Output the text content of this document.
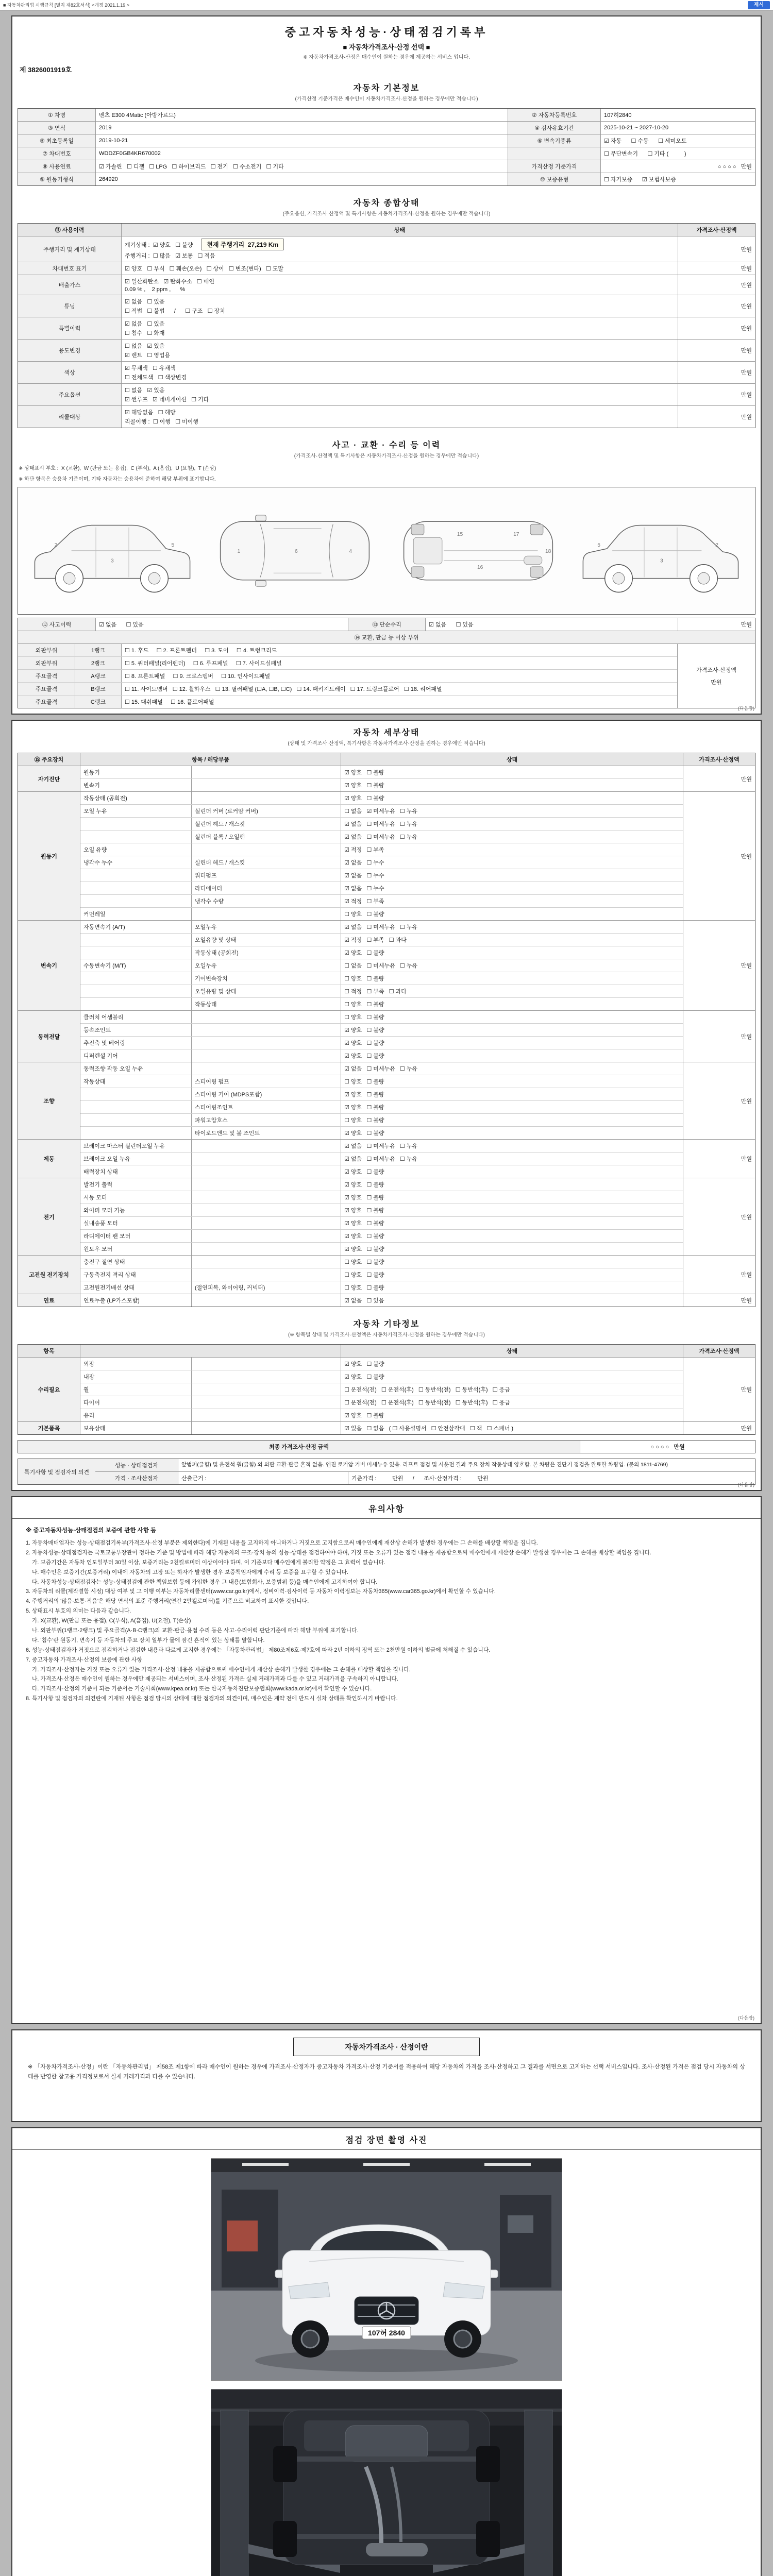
■ 자동차관리법 시행규칙 [별지 제82호서식] <개정 2021.1.19.>	제시
중고자동차성능·상태점검기록부
■ 자동차가격조사·산정 선택 ■
※ 자동차가격조사·산정은 매수인이 원하는 경우에 제공하는 서비스 입니다.
제 3826001919호
자동차 기본정보
(가격산정 기준가격은 매수인이 자동차가격조사·산정을 원하는 경우에만 적습니다)
① 차명	벤츠 E300 4Matic (아방가르드)	② 자동차등록번호	107허2840
③ 연식	2019	④ 검사유효기간	2025-10-21 ~ 2027-10-20
⑤ 최초등록일	2019-10-21	⑥ 변속기종류	☑ 자동      ☐ 수동      ☐ 세미오토
⑦ 차대번호	WDDZF0GB4KR670002	☐ 무단변속기      ☐ 기타 (          )
⑧ 사용연료	☑ 가솔린   ☐ 디젤   ☐ LPG   ☐ 하이브리드   ☐ 전기   ☐ 수소전기   ☐ 기타	가격산정 기준가격	○ ○ ○ ○   만원
⑨ 원동기형식	264920	⑩ 보증유형	☐ 자기보증      ☑ 보험사보증
자동차 종합상태
(주요옵션, 가격조사·산정액 및 특기사항은 자동차가격조사·산정을 원하는 경우에만 적습니다)
⑪ 사용이력	상태	가격조사·산정액
주행거리 및 계기상태
계기상태 :  ☑ 양호   ☐ 불량	현재 주행거리  27,219 Km
주행거리 :  ☐ 많음   ☑ 보통   ☐ 적음
만원
차대번호 표기	☑ 양호   ☐ 부식   ☐ 훼손(오손)   ☐ 상이   ☐ 변조(변타)   ☐ 도말	만원
배출가스
☑ 일산화탄소   ☑ 탄화수소   ☐ 매연
0.09 % ,    2 ppm ,      %
만원
튜닝
☑ 없음   ☐ 있음
☐ 적법   ☐ 불법      /      ☐ 구조   ☐ 장치
만원
특별이력
☑ 없음   ☐ 있음
☐ 침수   ☐ 화재
만원
용도변경
☐ 없음   ☑ 있음
☑ 렌트   ☐ 영업용
만원
색상
☑ 무채색   ☐ 유채색
☐ 전체도색   ☐ 색상변경
만원
주요옵션
☐ 없음   ☑ 있음
☑ 썬루프   ☑ 네비게이션   ☐ 기타
만원
리콜대상
☑ 해당없음   ☐ 해당
리콜이행 :  ☐ 이행   ☐ 미이행
만원
사고 · 교환 · 수리 등 이력
(가격조사·산정액 및 특기사항은 자동차가격조사·산정을 원하는 경우에만 적습니다)
※ 상태표시 부호 :  X (교환),  W (판금 또는 용접),  C (부식),  A (흠집),  U (요철),  T (손상)
※ 하단 항목은 승용차 기준이며, 기타 자동차는 승용차에 준하여 해당 부위에 표기합니다.
2
3
5
1	6	4
15
16
17
18
5
3
2
⑫ 사고이력	☑ 없음      ☐ 있음	⑬ 단순수리	☑ 없음      ☐ 있음	만원
⑭ 교환, 판금 등 이상 부위
외판부위	1랭크	☐ 1. 후드     ☐ 2. 프론트펜더     ☐ 3. 도어     ☐ 4. 트렁크리드
외판부위	2랭크	☐ 5. 쿼터패널(리어펜더)     ☐ 6. 루프패널     ☐ 7. 사이드실패널
주요골격	A랭크	☐ 8. 프론트패널     ☐ 9. 크로스멤버     ☐ 10. 인사이드패널
주요골격	B랭크	☐ 11. 사이드멤버   ☐ 12. 휠하우스   ☐ 13. 필러패널 (☐A, ☐B, ☐C)   ☐ 14. 패키지트레이   ☐ 17. 트렁크플로어   ☐ 18. 리어패널
주요골격	C랭크	☐ 15. 대쉬패널     ☐ 16. 플로어패널
가격조사·산정액
만원
(다음장)
자동차 세부상태
(상태 및 가격조사·산정액, 특기사항은 자동차가격조사·산정을 원하는 경우에만 적습니다)
⑮ 주요장치	항목 / 해당부품	상태	가격조사·산정액
자기진단
원동기	☑ 양호   ☐ 불량
변속기	☑ 양호   ☐ 불량
만원
원동기
작동상태 (공회전)	☑ 양호   ☐ 불량
오일 누유	실린더 커버 (로커암 커버)	☐ 없음   ☑ 미세누유   ☐ 누유
실린더 헤드 / 개스킷	☑ 없음   ☐ 미세누유   ☐ 누유
실린더 블록 / 오일팬	☑ 없음   ☐ 미세누유   ☐ 누유
오일 유량	☑ 적정   ☐ 부족
냉각수 누수	실린더 헤드 / 개스킷	☑ 없음   ☐ 누수
워터펌프	☑ 없음   ☐ 누수
라디에이터	☑ 없음   ☐ 누수
냉각수 수량	☑ 적정   ☐ 부족
커먼레일	☐ 양호   ☐ 불량
만원
변속기
자동변속기 (A/T)	오일누유	☑ 없음   ☐ 미세누유   ☐ 누유
오일유량 및 상태	☑ 적정   ☐ 부족   ☐ 과다
작동상태 (공회전)	☑ 양호   ☐ 불량
수동변속기 (M/T)	오일누유	☐ 없음   ☐ 미세누유   ☐ 누유
기어변속장치	☐ 양호   ☐ 불량
오일유량 및 상태	☐ 적정   ☐ 부족   ☐ 과다
작동상태	☐ 양호   ☐ 불량
만원
동력전달
클러치 어셈블리	☐ 양호   ☐ 불량
등속조인트	☑ 양호   ☐ 불량
추진축 및 베어링	☑ 양호   ☐ 불량
디퍼렌셜 기어	☑ 양호   ☐ 불량
만원
조향
동력조향 작동 오일 누유	☑ 없음   ☐ 미세누유   ☐ 누유
작동상태	스티어링 펌프	☐ 양호   ☐ 불량
스티어링 기어 (MDPS포함)	☑ 양호   ☐ 불량
스티어링조인트	☑ 양호   ☐ 불량
파워고압호스	☐ 양호   ☐ 불량
타이로드엔드 및 볼 조인트	☑ 양호   ☐ 불량
만원
제동
브레이크 마스터 실린더오일 누유	☑ 없음   ☐ 미세누유   ☐ 누유
브레이크 오일 누유	☑ 없음   ☐ 미세누유   ☐ 누유
배력장치 상태	☑ 양호   ☐ 불량
만원
전기
발전기 출력	☑ 양호   ☐ 불량
시동 모터	☑ 양호   ☐ 불량
와이퍼 모터 기능	☑ 양호   ☐ 불량
실내송풍 모터	☑ 양호   ☐ 불량
라디에이터 팬 모터	☑ 양호   ☐ 불량
윈도우 모터	☑ 양호   ☐ 불량
만원
고전원 전기장치
충전구 절연 상태	☐ 양호   ☐ 불량
구동축전지 격리 상태	☐ 양호   ☐ 불량
고전원전기배선 상태	(절연피복, 와이어링, 커넥터)	☐ 양호   ☐ 불량
만원
연료	연료누출 (LP가스포함)	☑ 없음   ☐ 있음	만원
자동차 기타정보
(※ 항목별 상태 및 가격조사·산정액은 자동차가격조사·산정을 원하는 경우에만 적습니다)
항목	상태	가격조사·산정액
수리필요
외장	☑ 양호   ☐ 불량
내장	☑ 양호   ☐ 불량
휠	☐ 운전석(전)   ☐ 운전석(후)   ☐ 동반석(전)   ☐ 동반석(후)   ☐ 응급
타이어	☐ 운전석(전)   ☐ 운전석(후)   ☐ 동반석(전)   ☐ 동반석(후)   ☐ 응급
유리	☑ 양호   ☐ 불량
만원
기본품목	보유상태	☑ 있음   ☐ 없음   ( ☐ 사용설명서   ☐ 안전삼각대   ☐ 잭   ☐ 스패너 )	만원
최종 가격조사·산정 금액	○ ○ ○ ○   만원
특기사항 및 점검자의 의견
성능 · 상태점검자	앞범퍼(긁힘) 및 운전석 휠(긁힘) 외 외판 교환·판금 흔적 없음. 엔진 로커암 커버 미세누유 있음. 리프트 점검 및 시운전 결과 주요 장치 작동상태 양호함. 본 차량은 진단기 점검을 완료한 차량임. (문의 1811-4769)
가격 · 조사산정자	산출근거 :	기준가격 :          만원      /      조사·산정가격 :          만원
(다음장)
유의사항
※ 중고자동차성능·상태점검의 보증에 관한 사항 등
1. 자동차매매업자는 성능·상태점검기록부(가격조사·산정 부분은 제외한다)에 기재된 내용을 고지하지 아니하거나 거짓으로 고지함으로써 매수인에게 재산상 손해가 발생한 경우에는 그 손해를 배상할 책임을 집니다.
2. 자동차성능·상태점검자는 국토교통부장관이 정하는 기준 및 방법에 따라 해당 자동차의 구조·장치 등의 성능·상태를 점검하여야 하며, 거짓 또는 오류가 있는 점검 내용을 제공함으로써 매수인에게 재산상 손해가 발생한 경우에는 그 손해를 배상할 책임을 집니다.
가. 보증기간은 자동차 인도일부터 30일 이상, 보증거리는 2천킬로미터 이상이어야 하며, 이 기준보다 매수인에게 불리한 약정은 그 효력이 없습니다.
나. 매수인은 보증기간(보증거리) 이내에 자동차의 고장 또는 하자가 발생한 경우 보증책임자에게 수리 등 보증을 요구할 수 있습니다.
다. 자동차성능·상태점검자는 성능·상태점검에 관한 책임보험 등에 가입한 경우 그 내용(보험회사, 보증범위 등)을 매수인에게 고지하여야 합니다.
3. 자동차의 리콜(제작결함 시정) 대상 여부 및 그 이행 여부는 자동차리콜센터(www.car.go.kr)에서, 정비이력·검사이력 등 자동차 이력정보는 자동차365(www.car365.go.kr)에서 확인할 수 있습니다.
4. 주행거리의 '많음·보통·적음'은 해당 연식의 표준 주행거리(연간 2만킬로미터)를 기준으로 비교하여 표시한 것입니다.
5. 상태표시 부호의 의미는 다음과 같습니다.
가. X(교환), W(판금 또는 용접), C(부식), A(흠집), U(요철), T(손상)
나. 외판부위(1랭크·2랭크) 및 주요골격(A·B·C랭크)의 교환·판금·용접 수리 등은 사고·수리이력 판단기준에 따라 해당 부위에 표기합니다.
다. '침수'란 원동기, 변속기 등 자동차의 주요 장치 일부가 물에 잠긴 흔적이 있는 상태를 말합니다.
6. 성능·상태점검자가 거짓으로 점검하거나 점검한 내용과 다르게 고지한 경우에는 「자동차관리법」 제80조제6호·제7호에 따라 2년 이하의 징역 또는 2천만원 이하의 벌금에 처해질 수 있습니다.
7. 중고자동차 가격조사·산정의 보증에 관한 사항
가. 가격조사·산정자는 거짓 또는 오류가 있는 가격조사·산정 내용을 제공함으로써 매수인에게 재산상 손해가 발생한 경우에는 그 손해를 배상할 책임을 집니다.
나. 가격조사·산정은 매수인이 원하는 경우에만 제공되는 서비스이며, 조사·산정된 가격은 실제 거래가격과 다를 수 있고 거래가격을 구속하지 아니합니다.
다. 가격조사·산정의 기준이 되는 기준서는 기술사회(www.kpea.or.kr) 또는 한국자동차진단보증협회(www.kada.or.kr)에서 확인할 수 있습니다.
8. 특기사항 및 점검자의 의견란에 기재된 사항은 점검 당시의 상태에 대한 점검자의 의견이며, 매수인은 계약 전에 반드시 실차 상태를 확인하시기 바랍니다.
(다음장)
자동차가격조사 · 산정이란
※ 「자동차가격조사·산정」이란 「자동차관리법」 제58조 제1항에 따라 매수인이 원하는 경우에 가격조사·산정자가 중고자동차 가격조사·산정 기준서를 적용하여 해당 자동차의 가격을 조사·산정하고 그 결과를 서면으로 고지하는 선택 서비스입니다. 조사·산정된 가격은 점검 당시 자동차의 상태를 반영한 참고용 가격정보로서 실제 거래가격과 다를 수 있습니다.
점검 장면 촬영 사진
107허 2840
